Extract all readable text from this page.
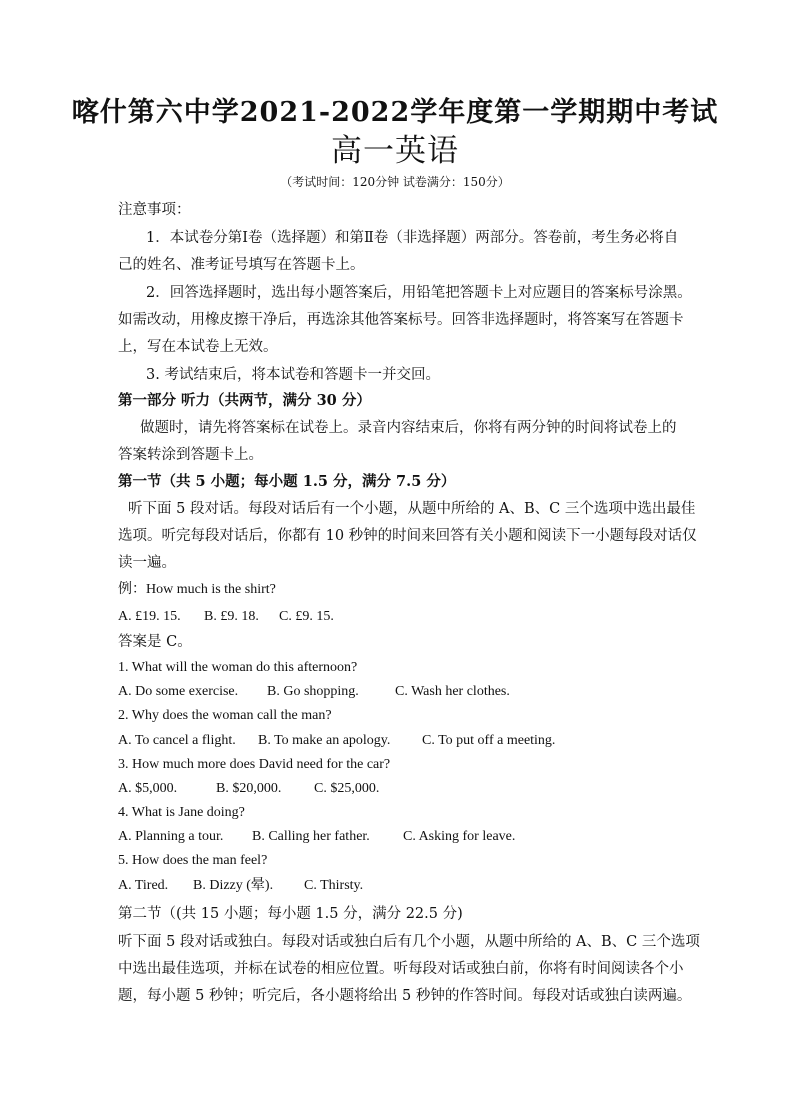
喀什第六中学2021-2022学年度第一学期期中考试
高一英语
（考试时间：120分钟 试卷满分：150分）
注意事项：
1．本试卷分第Ⅰ卷（选择题）和第Ⅱ卷（非选择题）两部分。答卷前，考生务必将自
己的姓名、准考证号填写在答题卡上。
2．回答选择题时，选出每小题答案后，用铅笔把答题卡上对应题目的答案标号涂黑。
如需改动，用橡皮擦干净后，再选涂其他答案标号。回答非选择题时，将答案写在答题卡
上，写在本试卷上无效。
3. 考试结束后，将本试卷和答题卡一并交回。
第一部分 听力（共两节，满分 30 分）
做题时，请先将答案标在试卷上。录音内容结束后，你将有两分钟的时间将试卷上的
答案转涂到答题卡上。
第一节（共 5 小题；每小题 1.5 分，满分 7.5 分）
听下面 5 段对话。每段对话后有一个小题，从题中所给的 A、B、C 三个选项中选出最佳
选项。听完每段对话后，你都有 10 秒钟的时间来回答有关小题和阅读下一小题每段对话仅
读一遍。
例：How much is the shirt?
A. £19. 15. B. £9. 18. C. £9. 15.
答案是 C。
1. What will the woman do this afternoon?
A. Do some exercise. B. Go shopping.	C. Wash her clothes.
2. Why does the woman call the man?
A. To cancel a flight. B. To make an apology. C. To put off a meeting.
3. How much more does David need for the car?
A. $5,000.	B. $20,000. C. $25,000.
4. What is Jane doing?
A. Planning a tour. B. Calling her father. C. Asking for leave.
5. How does the man feel?
A. Tired. B. Dizzy (晕). C. Thirsty.
第二节（(共 15 小题；每小题 1.5 分，满分 22.5 分)
听下面 5 段对话或独白。每段对话或独白后有几个小题，从题中所给的 A、B、C 三个选项
中选出最佳选项，并标在试卷的相应位置。听每段对话或独白前，你将有时间阅读各个小
题，每小题 5 秒钟；听完后，各小题将给出 5 秒钟的作答时间。每段对话或独白读两遍。
